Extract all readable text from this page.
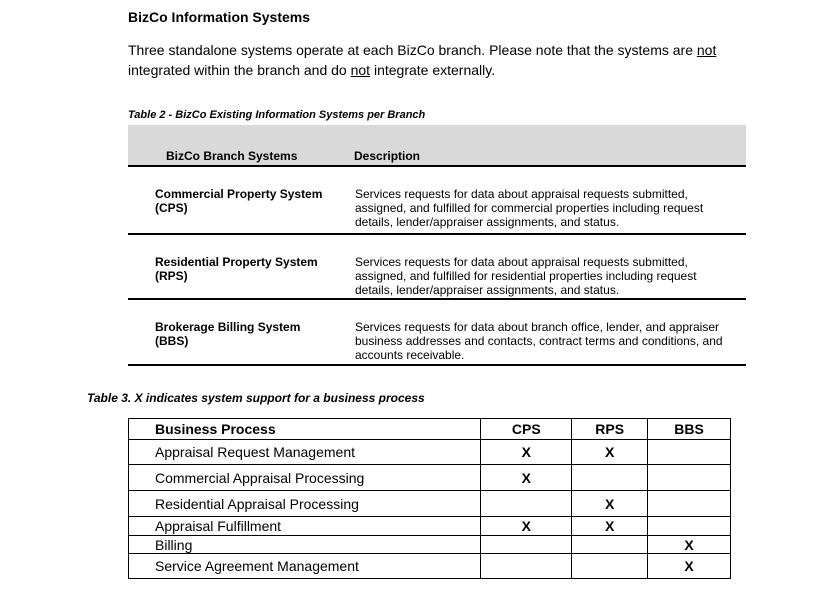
BizCo Information Systems
Three standalone systems operate at each BizCo branch. Please note that the systems are not integrated within the branch and do not integrate externally.
Table 2 - BizCo Existing Information Systems per Branch
BizCo Branch Systems	Description
Commercial Property System
(CPS)	Services requests for data about appraisal requests submitted, assigned, and fulfilled for commercial properties including request details, lender/appraiser assignments, and status.
Residential Property System
(RPS)	Services requests for data about appraisal requests submitted, assigned, and fulfilled for residential properties including request details, lender/appraiser assignments, and status.
Brokerage Billing System
(BBS)	Services requests for data about branch office, lender, and appraiser business addresses and contacts, contract terms and conditions, and accounts receivable.
Table 3. X indicates system support for a business process
Business Process	CPS	RPS	BBS
Appraisal Request Management	X	X	
Commercial Appraisal Processing	X		
Residential Appraisal Processing		X	
Appraisal Fulfillment	X	X	
Billing			X
Service Agreement Management			X
